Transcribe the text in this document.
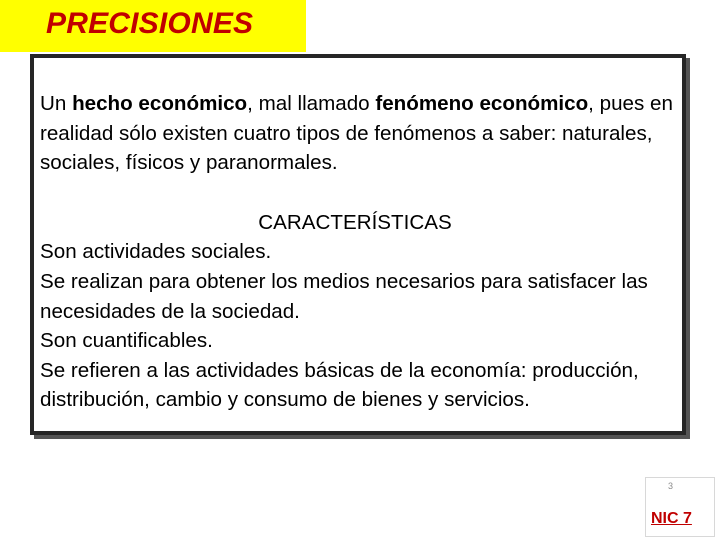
PRECISIONES

Un hecho económico, mal llamado fenómeno económico, pues en realidad sólo existen cuatro tipos de fenómenos a saber: naturales, sociales, físicos y paranormales.

CARACTERÍSTICAS

Son actividades sociales.

Se realizan para obtener los medios necesarios para satisfacer las necesidades de la sociedad.

Son cuantificables.

Se refieren a las actividades básicas de la economía: producción, distribución, cambio y consumo de bienes y servicios.

3
NIC 7
